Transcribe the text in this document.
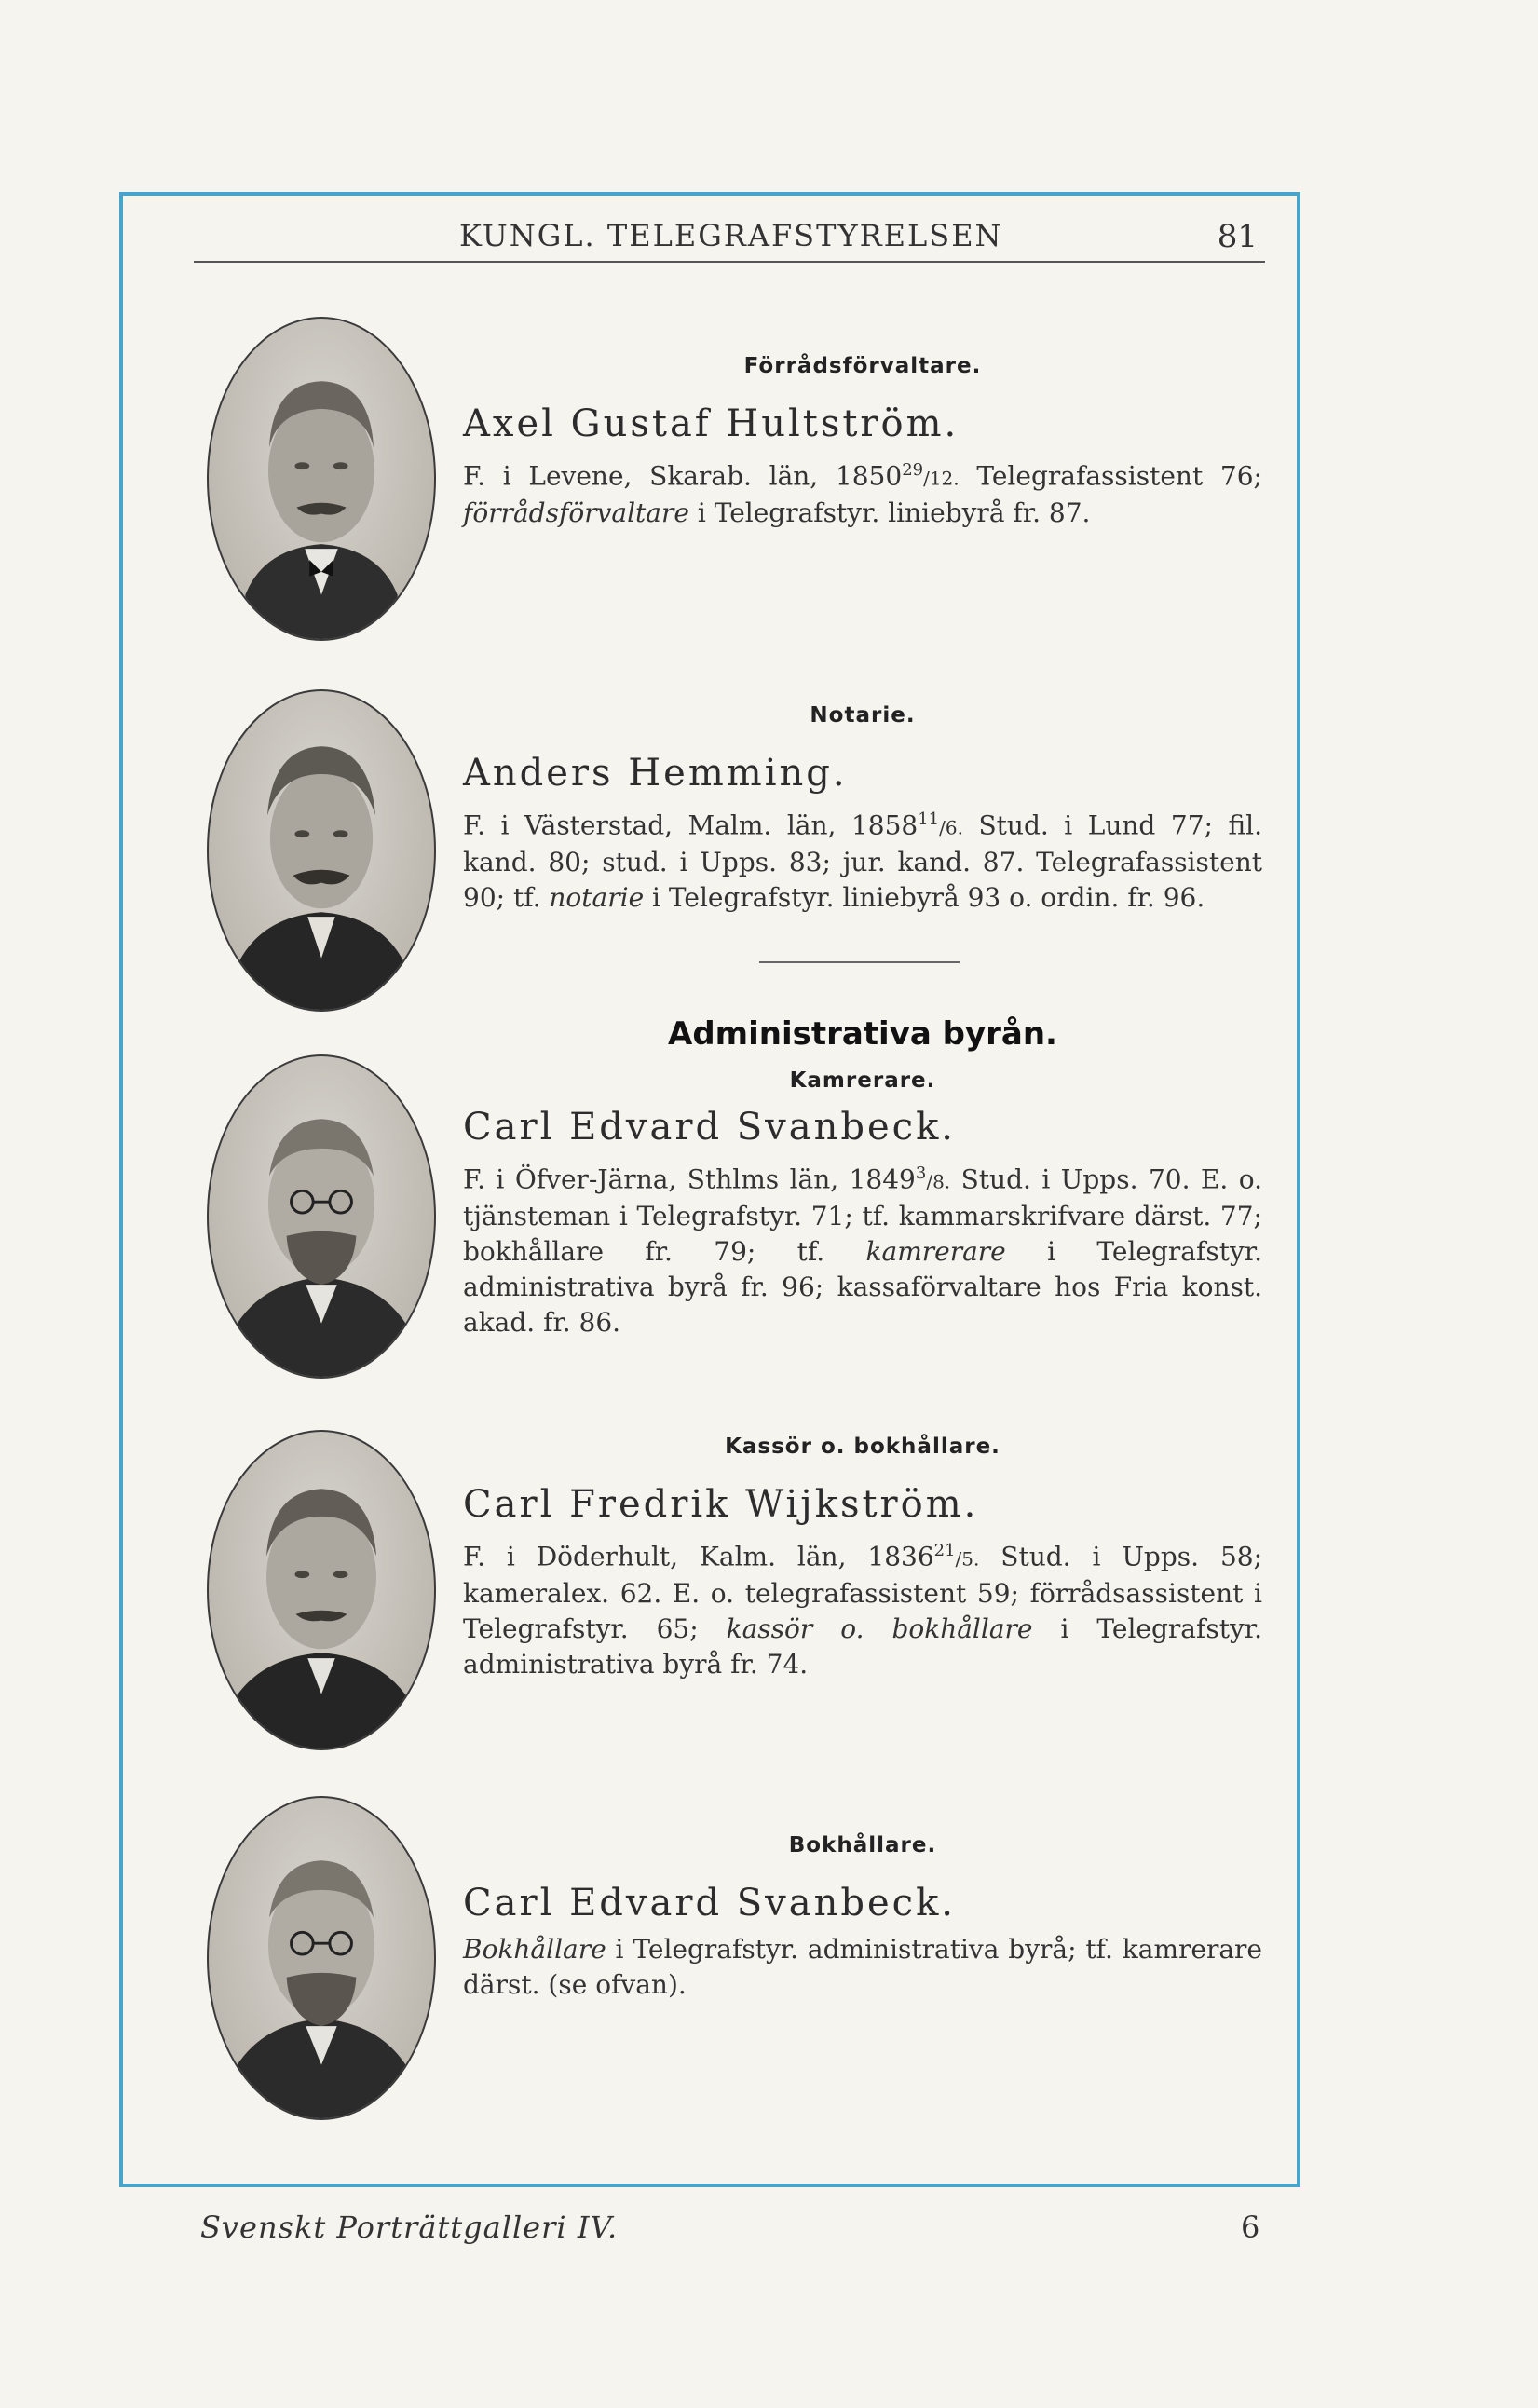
KUNGL. TELEGRAFSTYRELSEN	81
Förrådsförvaltare.
Axel Gustaf Hultström.
F. i Levene, Skarab. län, 1850$^{29}$/12. Telegrafassistent 76; förrådsförvaltare i Telegrafstyr. liniebyrå fr. 87.
Notarie.
Anders Hemming.
F. i Västerstad, Malm. län, 1858$^{11}$/6. Stud. i Lund 77; fil. kand. 80; stud. i Upps. 83; jur. kand. 87. Telegrafassistent 90; tf. notarie i Telegrafstyr. liniebyrå 93 o. ordin. fr. 96.
Administrativa byrån.
Kamrerare.
Carl Edvard Svanbeck.
F. i Öfver-Järna, Sthlms län, 1849$^3$/8. Stud. i Upps. 70. E. o. tjänsteman i Telegrafstyr. 71; tf. kammarskrifvare därst. 77; bokhållare fr. 79; tf. kamrerare i Telegrafstyr. administrativa byrå fr. 96; kassaförvaltare hos Fria konst. akad. fr. 86.
Kassör o. bokhållare.
Carl Fredrik Wijkström.
F. i Döderhult, Kalm. län, 1836$^{21}$/5. Stud. i Upps. 58; kameralex. 62. E. o. telegrafassistent 59; förrådsassistent i Telegrafstyr. 65; kassör o. bokhållare i Telegrafstyr. administrativa byrå fr. 74.
Bokhållare.
Carl Edvard Svanbeck.
Bokhållare i Telegrafstyr. administrativa byrå; tf. kamrerare därst. (se ofvan).
Svenskt Porträttgalleri IV.	6
